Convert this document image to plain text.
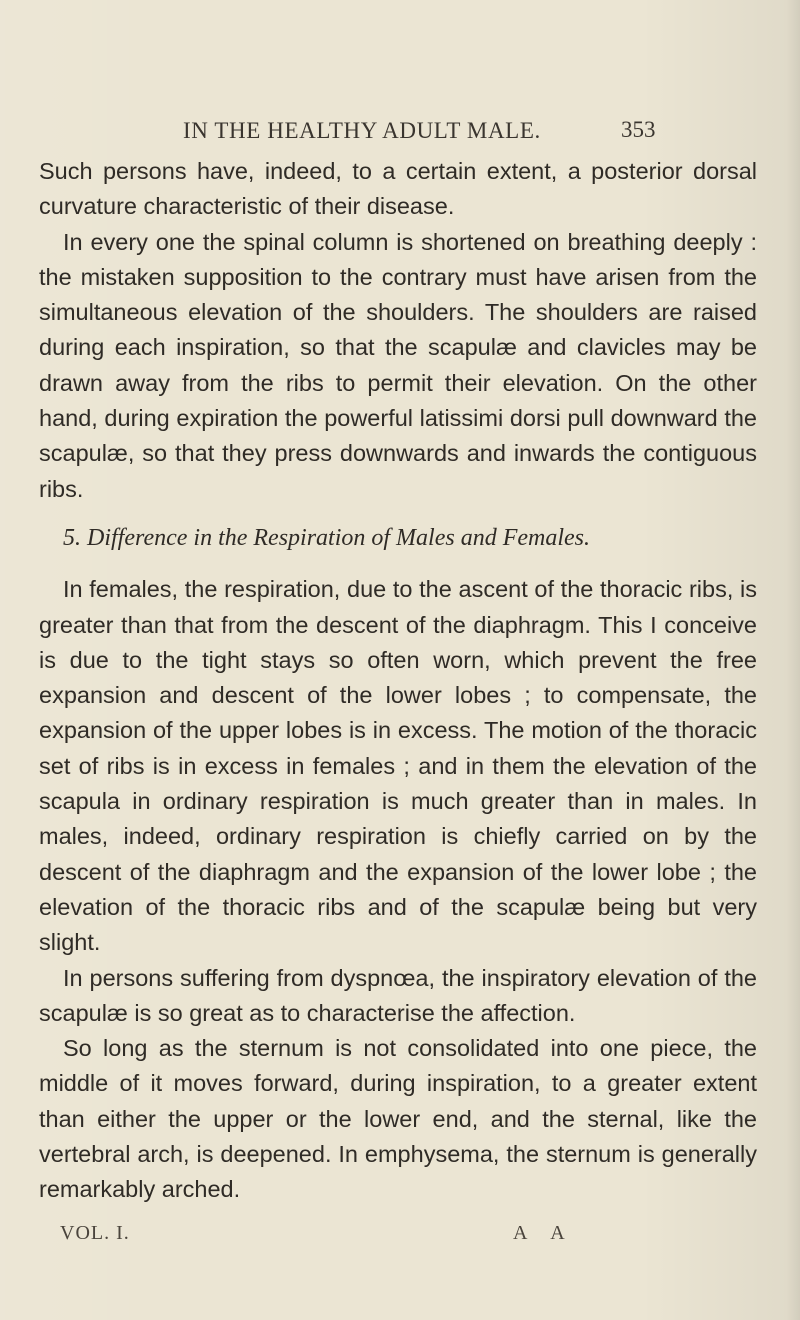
IN THE HEALTHY ADULT MALE.	353

Such persons have, indeed, to a certain extent, a posterior dorsal curvature characteristic of their disease.

In every one the spinal column is shortened on breathing deeply : the mistaken supposition to the contrary must have arisen from the simultaneous elevation of the shoulders. The shoulders are raised during each inspiration, so that the scapulæ and clavicles may be drawn away from the ribs to permit their elevation. On the other hand, during expiration the powerful latissimi dorsi pull downward the scapulæ, so that they press downwards and inwards the contiguous ribs.

5. Difference in the Respiration of Males and Females.

In females, the respiration, due to the ascent of the thoracic ribs, is greater than that from the descent of the diaphragm. This I conceive is due to the tight stays so often worn, which prevent the free expansion and descent of the lower lobes ; to compensate, the expansion of the upper lobes is in excess. The motion of the thoracic set of ribs is in excess in females ; and in them the elevation of the scapula in ordinary respiration is much greater than in males. In males, indeed, ordinary respiration is chiefly carried on by the descent of the diaphragm and the expansion of the lower lobe ; the elevation of the thoracic ribs and of the scapulæ being but very slight.

In persons suffering from dyspnœa, the inspiratory elevation of the scapulæ is so great as to characterise the affection.

So long as the sternum is not consolidated into one piece, the middle of it moves forward, during inspiration, to a greater extent than either the upper or the lower end, and the sternal, like the vertebral arch, is deepened. In emphysema, the sternum is generally remarkably arched.

VOL. I.	A A
